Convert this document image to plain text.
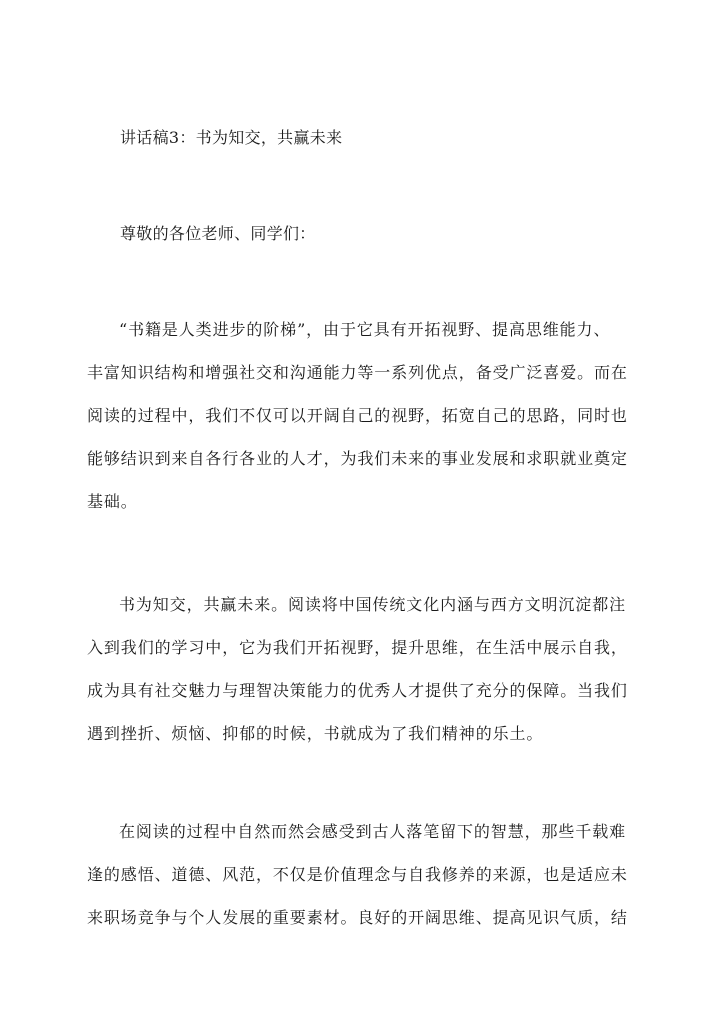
讲话稿3：书为知交，共赢未来
尊敬的各位老师、同学们：
“书籍是人类进步的阶梯”，由于它具有开拓视野、提高思维能力、
丰富知识结构和增强社交和沟通能力等一系列优点，备受广泛喜爱。而在
阅读的过程中，我们不仅可以开阔自己的视野，拓宽自己的思路，同时也
能够结识到来自各行各业的人才，为我们未来的事业发展和求职就业奠定
基础。
书为知交，共赢未来。阅读将中国传统文化内涵与西方文明沉淀都注
入到我们的学习中，它为我们开拓视野，提升思维，在生活中展示自我，
成为具有社交魅力与理智决策能力的优秀人才提供了充分的保障。当我们
遇到挫折、烦恼、抑郁的时候，书就成为了我们精神的乐土。
在阅读的过程中自然而然会感受到古人落笔留下的智慧，那些千载难
逢的感悟、道德、风范，不仅是价值理念与自我修养的来源，也是适应未
来职场竞争与个人发展的重要素材。良好的开阔思维、提高见识气质，结
